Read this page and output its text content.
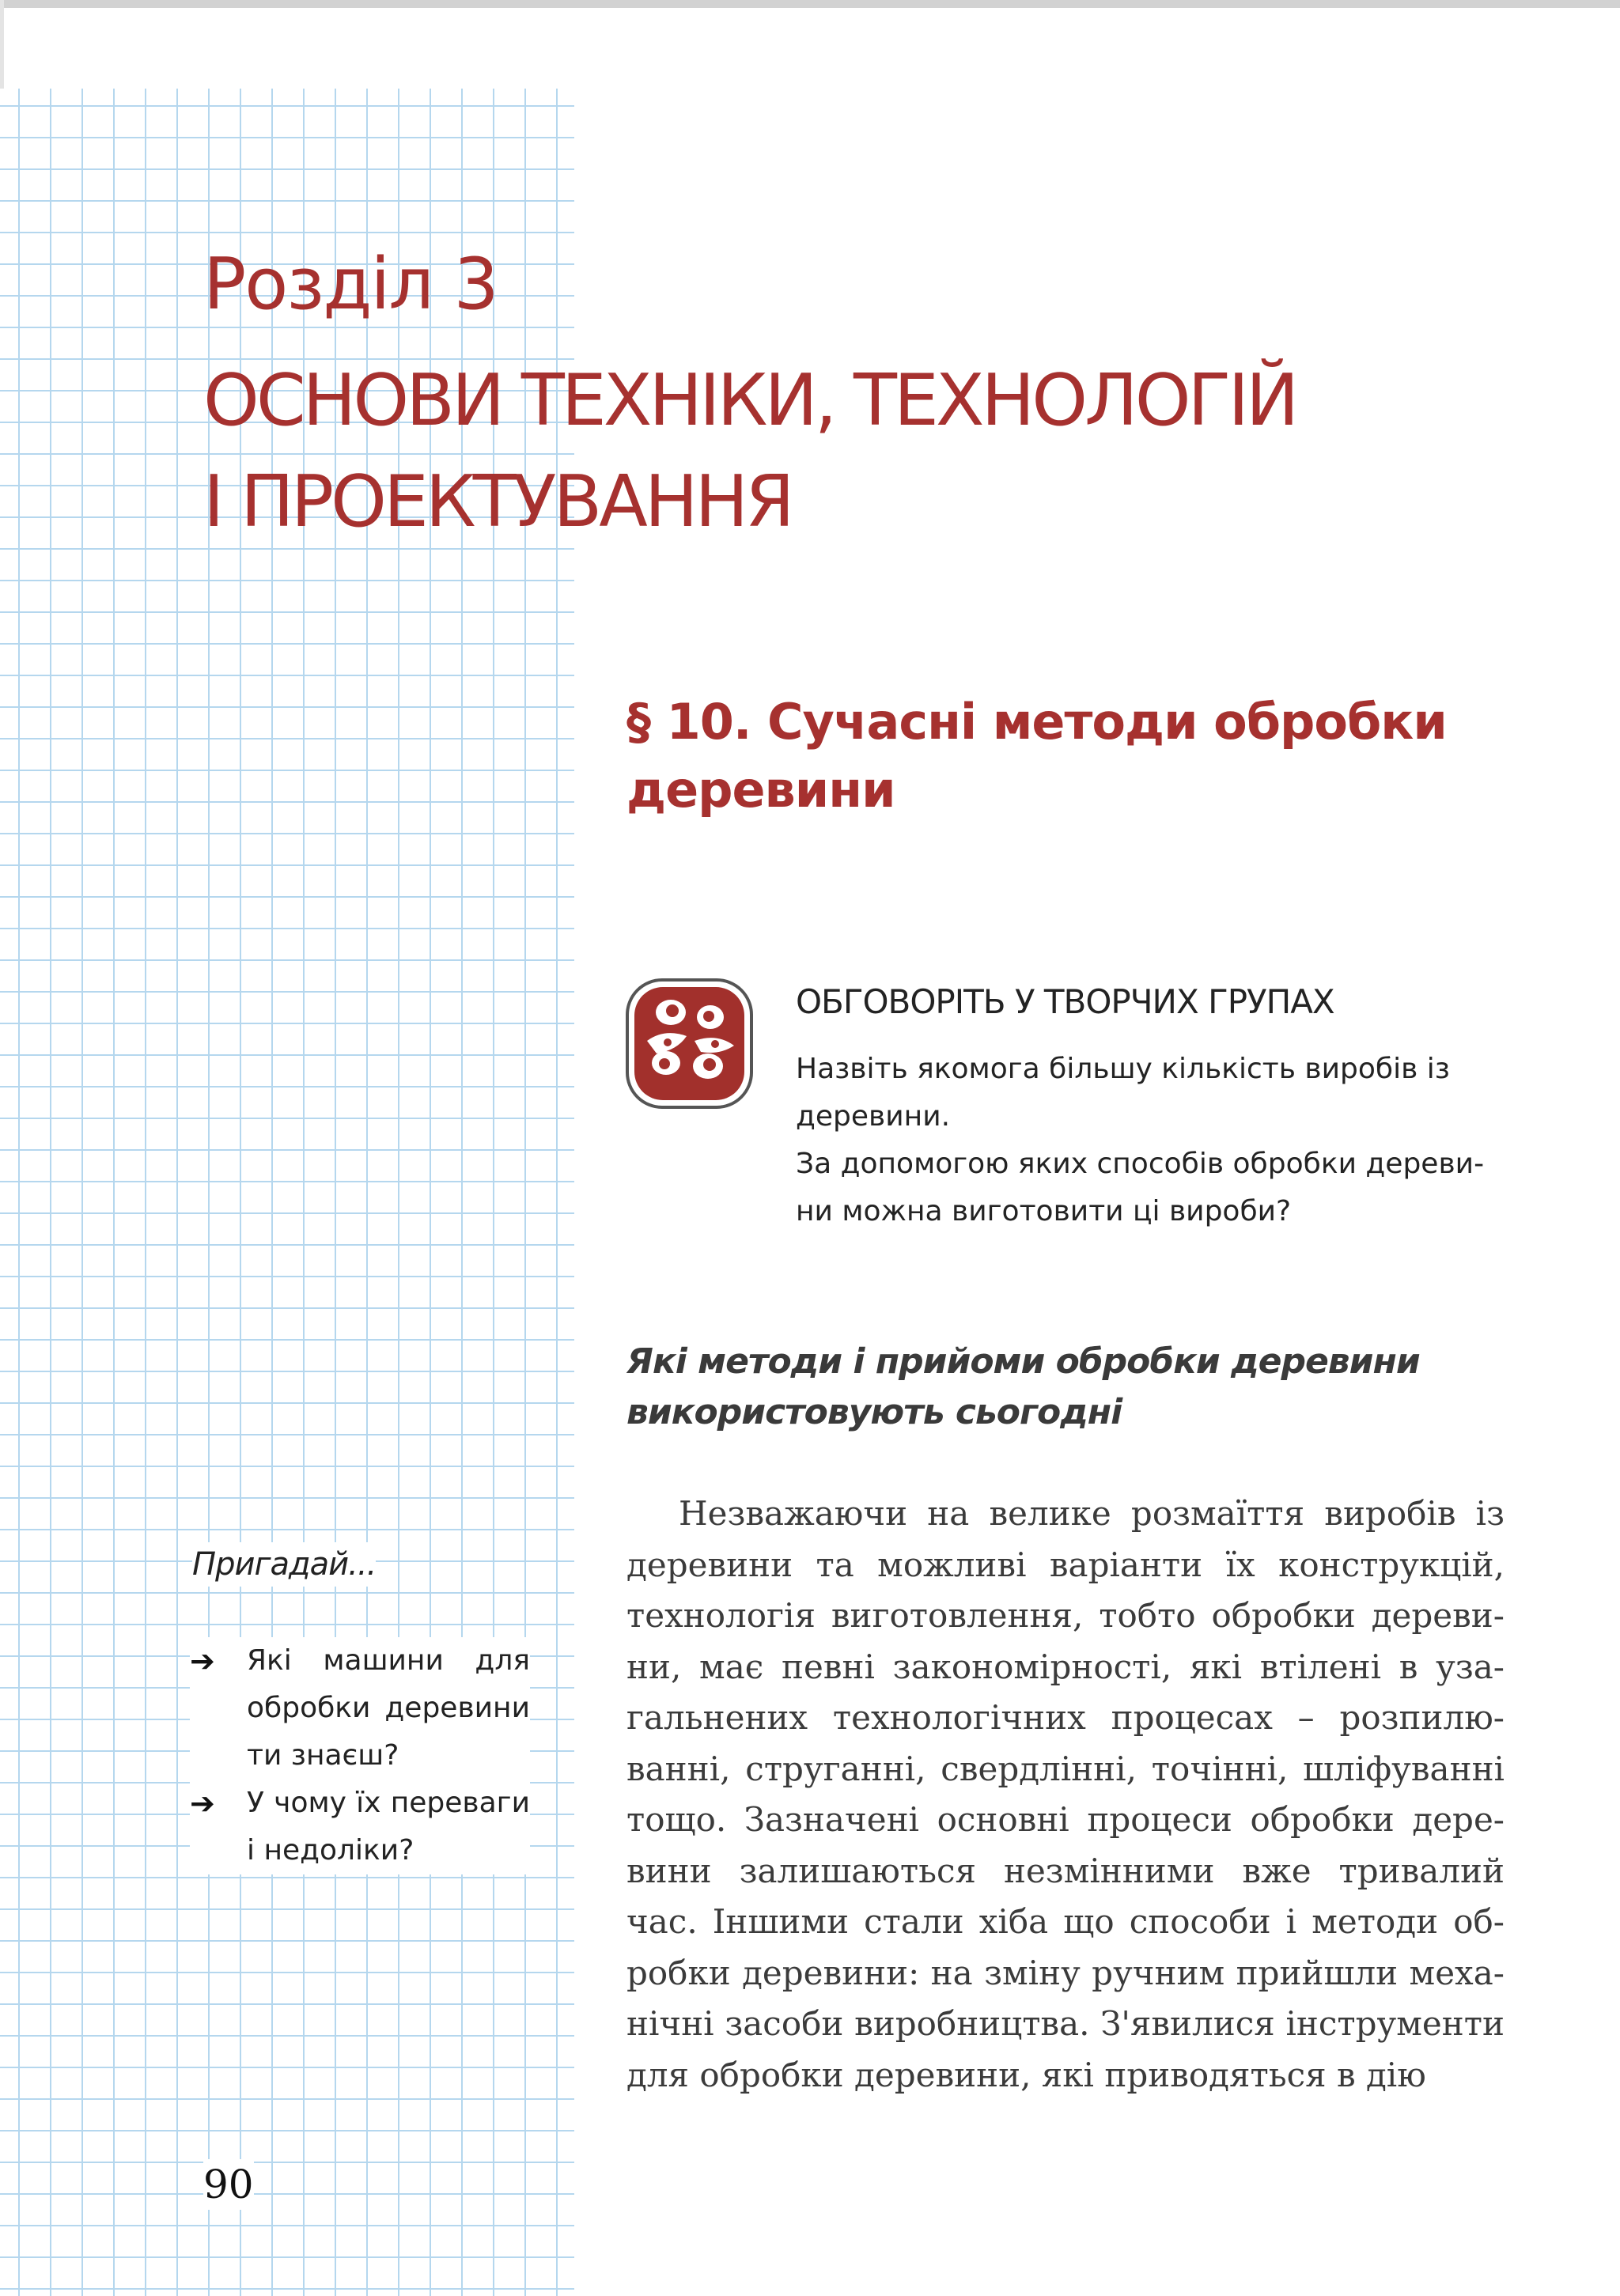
Розділ 3
ОСНОВИ ТЕХНІКИ, ТЕХНОЛОГІЙ
І ПРОЕКТУВАННЯ
§ 10. Сучасні методи обробки
деревини
ОБГОВОРІТЬ У ТВОРЧИХ ГРУПАХ

Назвіть якомога більшу кількість виробів із деревини.

За допомогою яких способів обробки деревини можна виготовити ці вироби?

Які методи і прийоми обробки деревини
використовують сьогодні

Незважаючи на велике розмаїття виробів із деревини та можливі варіанти їх конструкцій, технологія виготовлення, тобто обробки деревини, має певні закономірності, які втілені в узагальнених технологічних процесах – розпилюванні, струганні, свердлінні, точінні, шліфуванні тощо. Зазначені основні процеси обробки деревини залишаються незмінними вже тривалий час. Іншими стали хіба що способи і методи обробки деревини: на зміну ручним прийшли механічні засоби виробництва. З'явилися інструменти для обробки деревини, які приводяться в дію

Пригадай...
➔ Які машини для обробки деревини ти знаєш?
➔ У чому їх переваги і недоліки?
90
